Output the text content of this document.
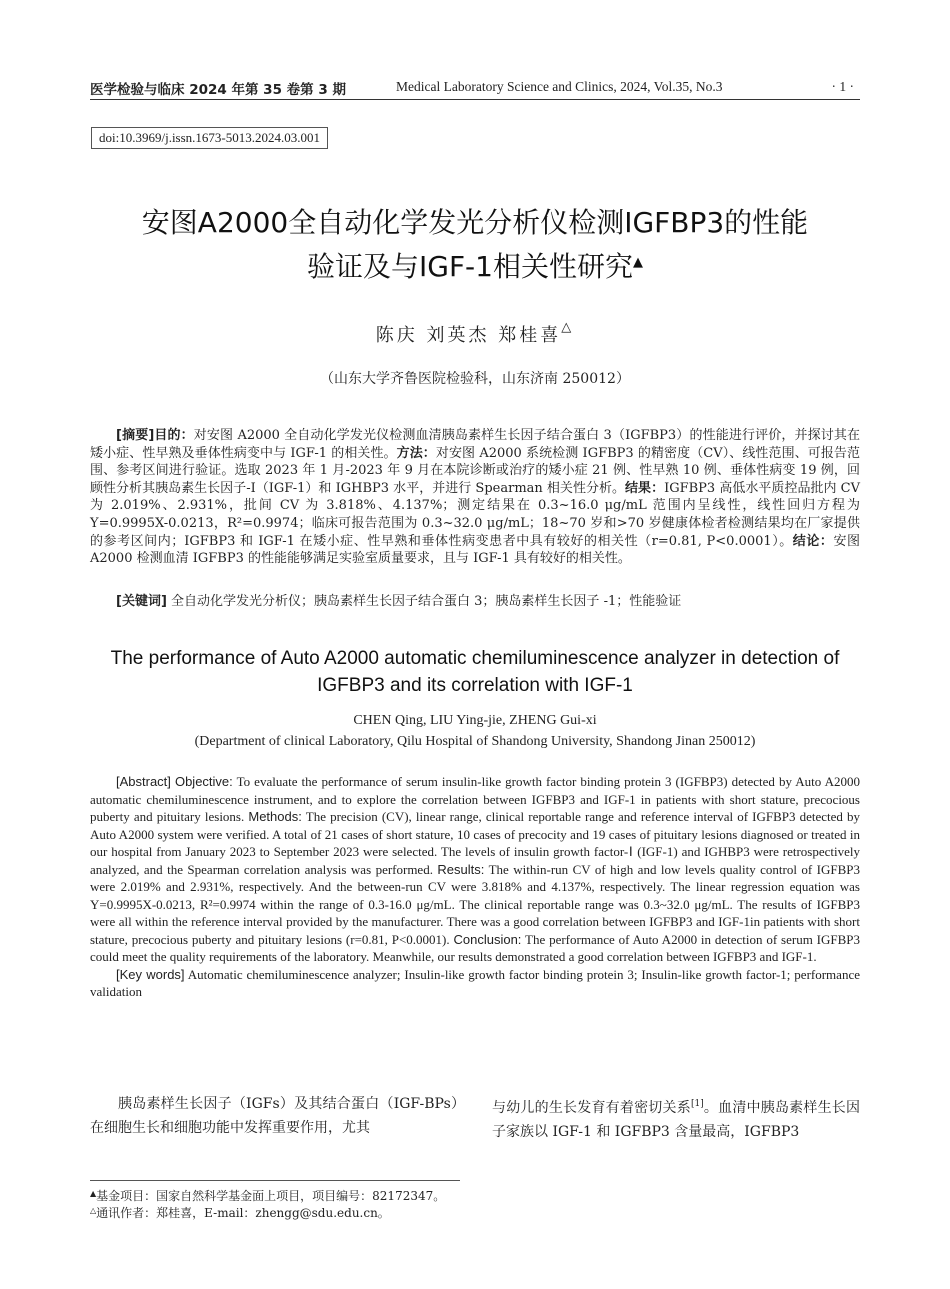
医学检验与临床 2024 年第 35 卷第 3 期	Medical Laboratory Science and Clinics, 2024, Vol.35, No.3	· 1 ·
doi:10.3969/j.issn.1673-5013.2024.03.001
安图A2000全自动化学发光分析仪检测IGFBP3的性能
验证及与IGF-1相关性研究▲
陈庆 刘英杰 郑桂喜△
（山东大学齐鲁医院检验科，山东济南 250012）

[摘要]目的：对安图 A2000 全自动化学发光仪检测血清胰岛素样生长因子结合蛋白 3（IGFBP3）的性能进行评价，并探讨其在矮小症、性早熟及垂体性病变中与 IGF-1 的相关性。方法：对安图 A2000 系统检测 IGFBP3 的精密度（CV）、线性范围、可报告范围、参考区间进行验证。选取 2023 年 1 月-2023 年 9 月在本院诊断或治疗的矮小症 21 例、性早熟 10 例、垂体性病变 19 例，回顾性分析其胰岛素生长因子-Ⅰ（IGF-1）和 IGHBP3 水平，并进行 Spearman 相关性分析。结果：IGFBP3 高低水平质控品批内 CV 为 2.019%、2.931%，批间 CV 为 3.818%、4.137%；测定结果在 0.3~16.0 μg/mL 范围内呈线性，线性回归方程为 Y=0.9995X-0.0213，R²=0.9974；临床可报告范围为 0.3~32.0 μg/mL；18~70 岁和>70 岁健康体检者检测结果均在厂家提供的参考区间内；IGFBP3 和 IGF-1 在矮小症、性早熟和垂体性病变患者中具有较好的相关性（r=0.81, P<0.0001）。结论：安图 A2000 检测血清 IGFBP3 的性能能够满足实验室质量要求，且与 IGF-1 具有较好的相关性。

[关键词] 全自动化学发光分析仪；胰岛素样生长因子结合蛋白 3；胰岛素样生长因子 -1；性能验证
The performance of Auto A2000 automatic chemiluminescence analyzer in detection of
IGFBP3 and its correlation with IGF-1
CHEN Qing, LIU Ying-jie, ZHENG Gui-xi
(Department of clinical Laboratory, Qilu Hospital of Shandong University, Shandong Jinan 250012)

[Abstract] Objective: To evaluate the performance of serum insulin-like growth factor binding protein 3 (IGFBP3) detected by Auto A2000 automatic chemiluminescence instrument, and to explore the correlation between IGFBP3 and IGF-1 in patients with short stature, precocious puberty and pituitary lesions. Methods: The precision (CV), linear range, clinical reportable range and reference interval of IGFBP3 detected by Auto A2000 system were verified. A total of 21 cases of short stature, 10 cases of precocity and 19 cases of pituitary lesions diagnosed or treated in our hospital from January 2023 to September 2023 were selected. The levels of insulin growth factor-Ⅰ (IGF-1) and IGHBP3 were retrospectively analyzed, and the Spearman correlation analysis was performed. Results: The within-run CV of high and low levels quality control of IGFBP3 were 2.019% and 2.931%, respectively. And the between-run CV were 3.818% and 4.137%, respectively. The linear regression equation was Y=0.9995X-0.0213, R²=0.9974 within the range of 0.3-16.0 μg/mL. The clinical reportable range was 0.3~32.0 μg/mL. The results of IGFBP3 were all within the reference interval provided by the manufacturer. There was a good correlation between IGFBP3 and IGF-1in patients with short stature, precocious puberty and pituitary lesions (r=0.81, P<0.0001). Conclusion: The performance of Auto A2000 in detection of serum IGFBP3 could meet the quality requirements of the laboratory. Meanwhile, our results demonstrated a good correlation between IGFBP3 and IGF-1.

[Key words] Automatic chemiluminescence analyzer; Insulin-like growth factor binding protein 3; Insulin-like growth factor-1; performance validation

胰岛素样生长因子（IGFs）及其结合蛋白（IGF-BPs）在细胞生长和细胞功能中发挥重要作用，尤其
与幼儿的生长发育有着密切关系[1]。血清中胰岛素样生长因子家族以 IGF-1 和 IGFBP3 含量最高，IGFBP3
▲基金项目：国家自然科学基金面上项目，项目编号：82172347。
△通讯作者：郑桂喜，E-mail：zhengg@sdu.edu.cn。
